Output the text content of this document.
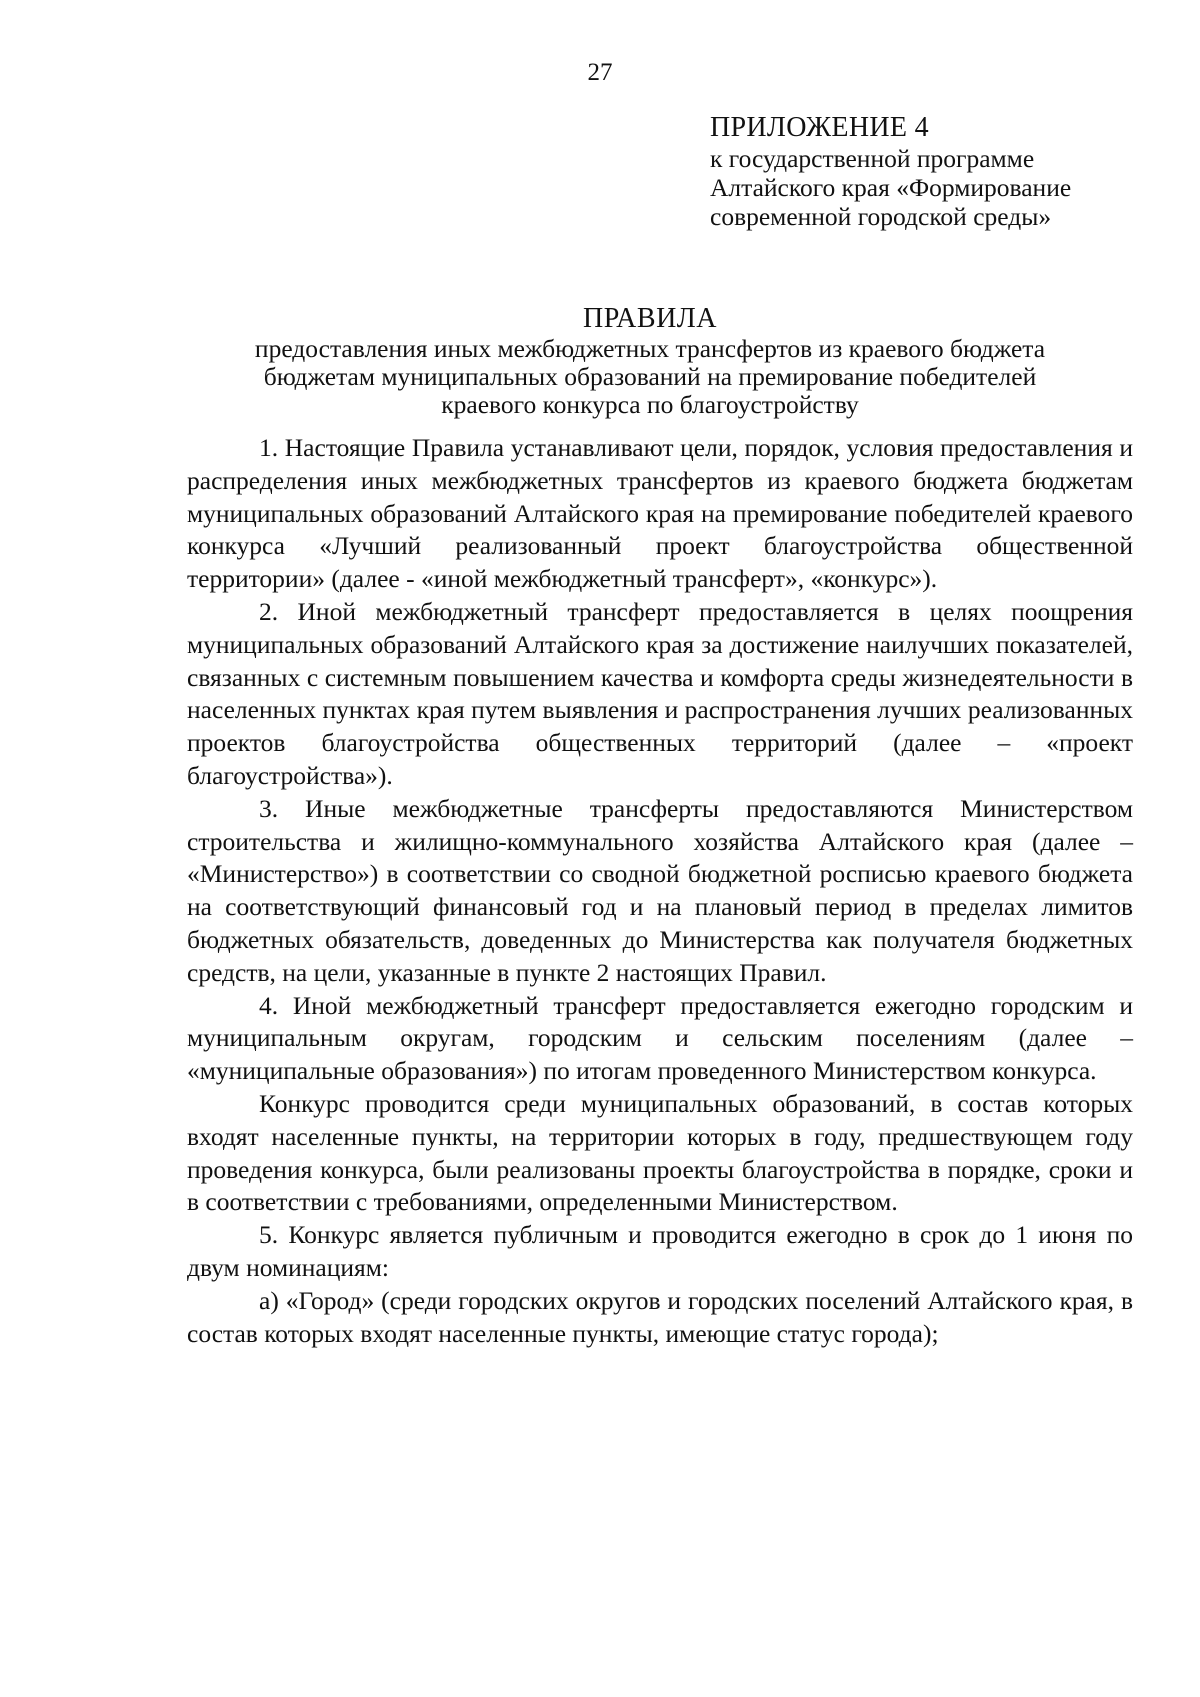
27
ПРИЛОЖЕНИЕ 4
к государственной программе
Алтайского края «Формирование
современной городской среды»
ПРАВИЛА
предоставления иных межбюджетных трансфертов из краевого бюджета
бюджетам муниципальных образований на премирование победителей
краевого конкурса по благоустройству

1. Настоящие Правила устанавливают цели, порядок, условия предоставления и распределения иных межбюджетных трансфертов из краевого бюджета бюджетам муниципальных образований Алтайского края на премирование победителей краевого конкурса «Лучший реализованный проект благоустройства общественной территории» (далее - «иной межбюджетный трансферт», «конкурс»).

2. Иной межбюджетный трансферт предоставляется в целях поощрения муниципальных образований Алтайского края за достижение наилучших показателей, связанных с системным повышением качества и комфорта среды жизнедеятельности в населенных пунктах края путем выявления и распространения лучших реализованных проектов благоустройства общественных территорий (далее – «проект благоустройства»).

3. Иные межбюджетные трансферты предоставляются Министерством строительства и жилищно-коммунального хозяйства Алтайского края (далее – «Министерство») в соответствии со сводной бюджетной росписью краевого бюджета на соответствующий финансовый год и на плановый период в пределах лимитов бюджетных обязательств, доведенных до Министерства как получателя бюджетных средств, на цели, указанные в пункте 2 настоящих Правил.

4. Иной межбюджетный трансферт предоставляется ежегодно городским и муниципальным округам, городским и сельским поселениям (далее – «муниципальные образования») по итогам проведенного Министерством конкурса.

Конкурс проводится среди муниципальных образований, в состав которых входят населенные пункты, на территории которых в году, предшествующем году проведения конкурса, были реализованы проекты благоустройства в порядке, сроки и в соответствии с требованиями, определенными Министерством.

5. Конкурс является публичным и проводится ежегодно в срок до 1 июня по двум номинациям:

а) «Город» (среди городских округов и городских поселений Алтайского края, в состав которых входят населенные пункты, имеющие статус города);
